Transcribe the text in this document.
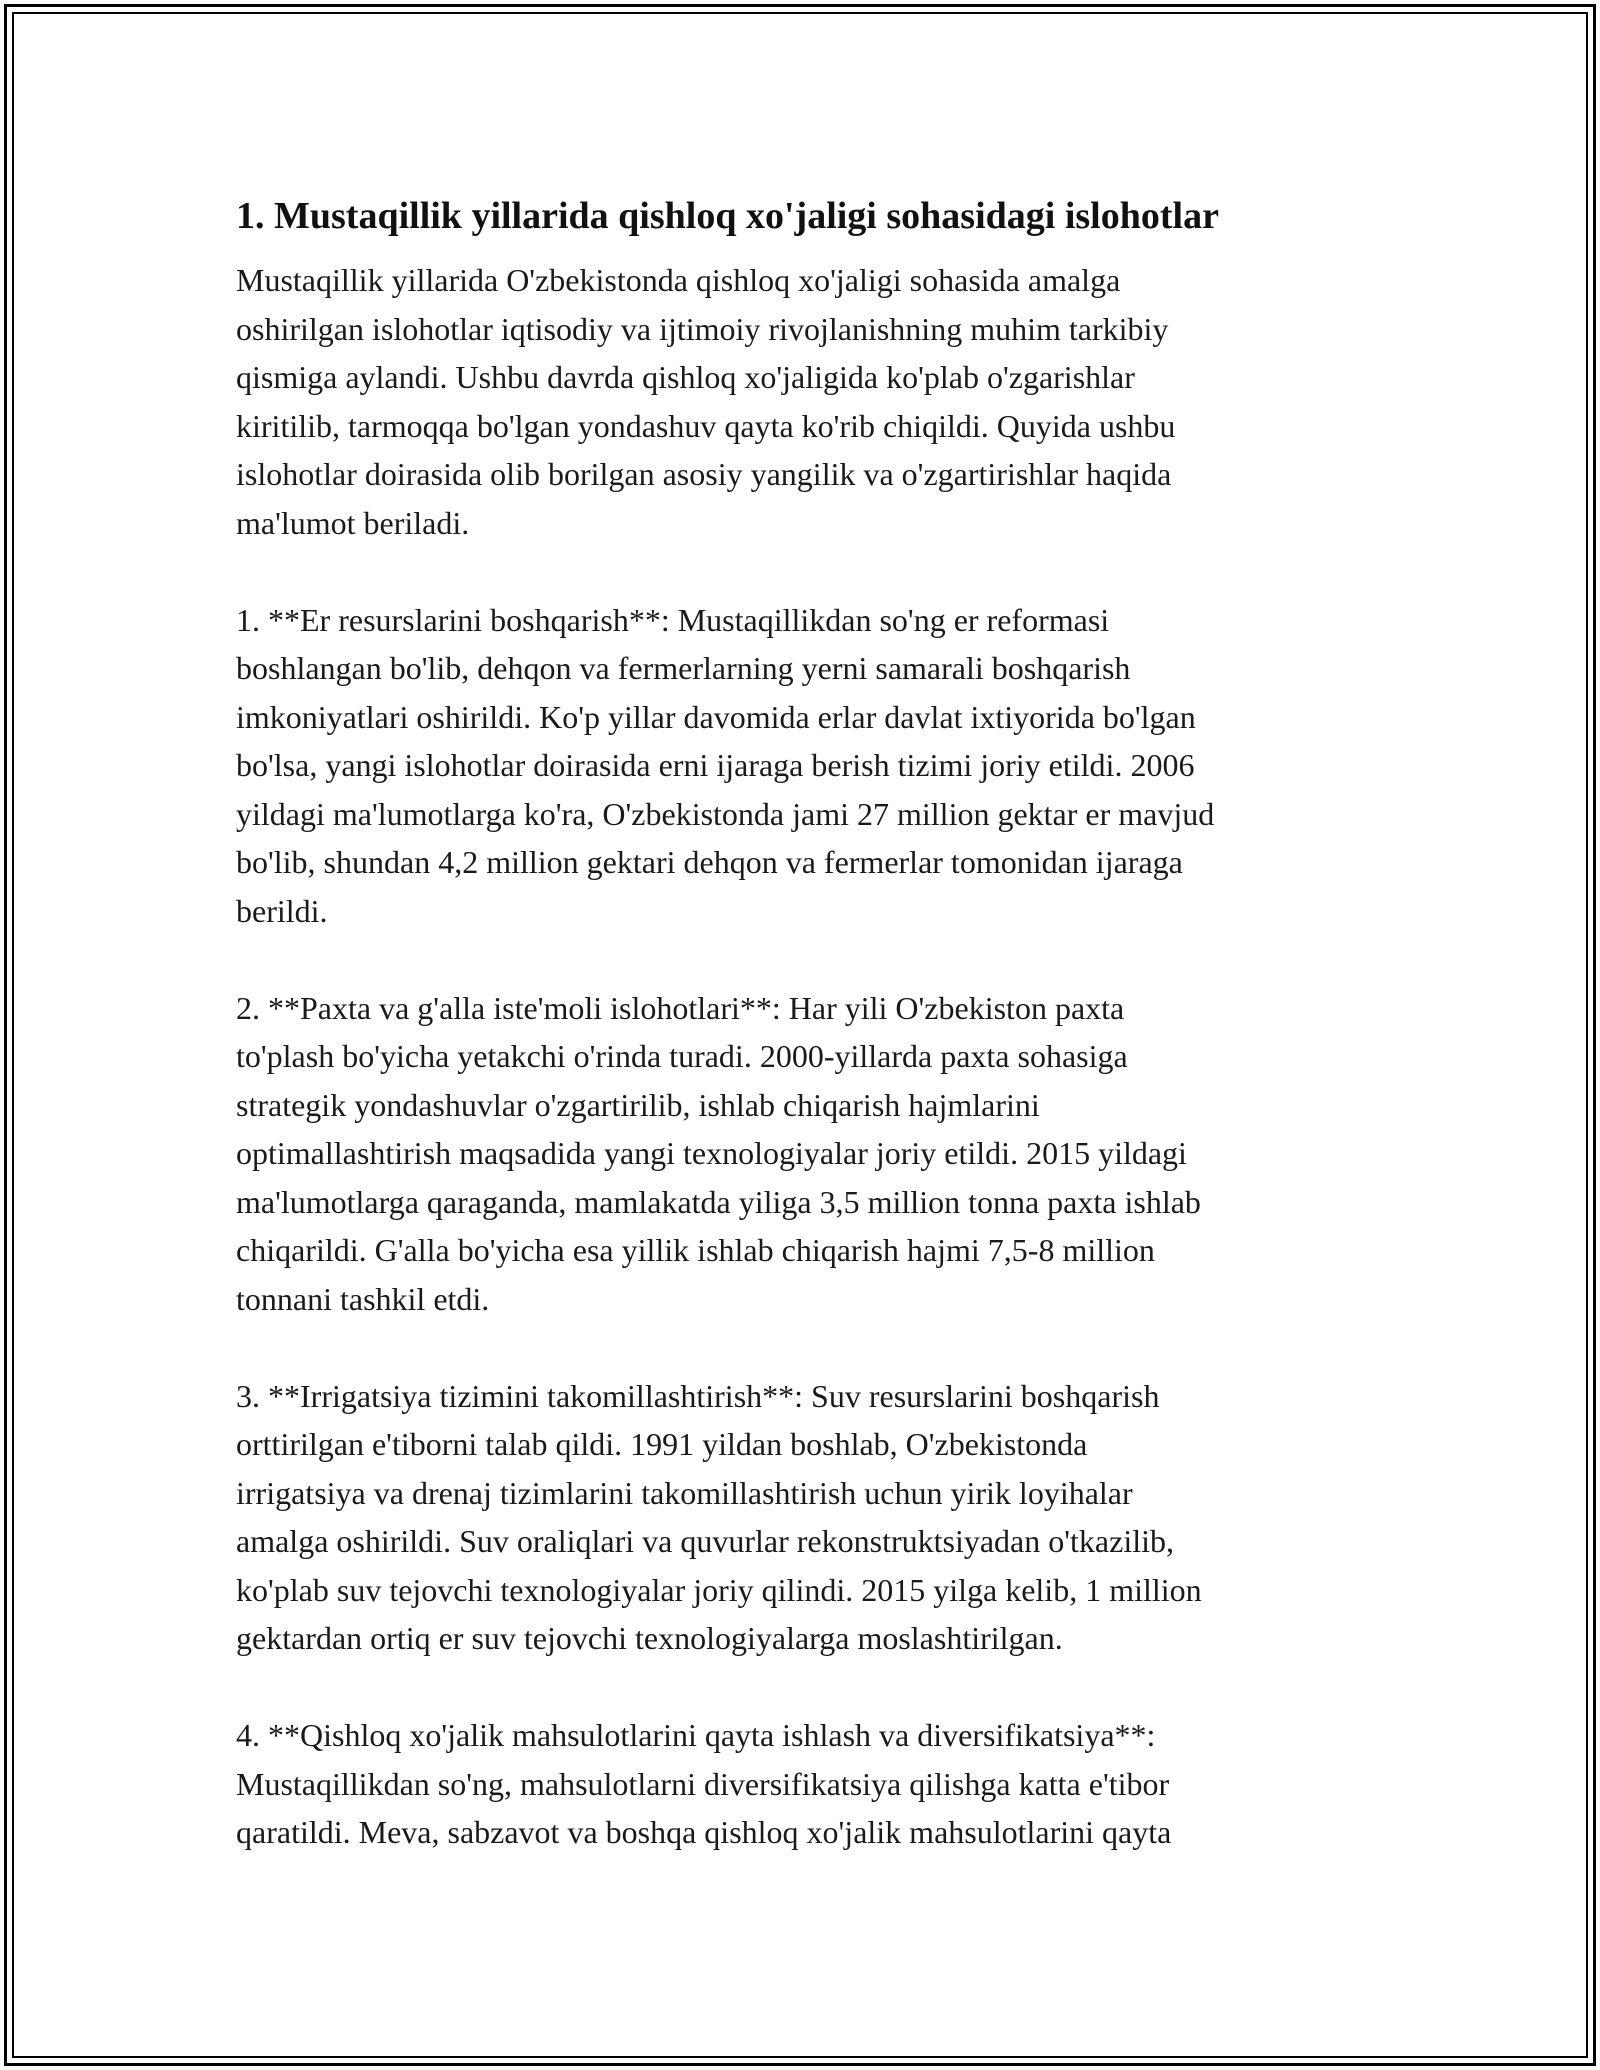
1. Mustaqillik yillarida qishloq xo'jaligi sohasidagi islohotlar

Mustaqillik yillarida O'zbekistonda qishloq xo'jaligi sohasida amalga
oshirilgan islohotlar iqtisodiy va ijtimoiy rivojlanishning muhim tarkibiy
qismiga aylandi. Ushbu davrda qishloq xo'jaligida ko'plab o'zgarishlar
kiritilib, tarmoqqa bo'lgan yondashuv qayta ko'rib chiqildi. Quyida ushbu
islohotlar doirasida olib borilgan asosiy yangilik va o'zgartirishlar haqida
ma'lumot beriladi.

1. **Er resurslarini boshqarish**: Mustaqillikdan so'ng er reformasi
boshlangan bo'lib, dehqon va fermerlarning yerni samarali boshqarish
imkoniyatlari oshirildi. Ko'p yillar davomida erlar davlat ixtiyorida bo'lgan
bo'lsa, yangi islohotlar doirasida erni ijaraga berish tizimi joriy etildi. 2006
yildagi ma'lumotlarga ko'ra, O'zbekistonda jami 27 million gektar er mavjud
bo'lib, shundan 4,2 million gektari dehqon va fermerlar tomonidan ijaraga
berildi.

2. **Paxta va g'alla iste'moli islohotlari**: Har yili O'zbekiston paxta
to'plash bo'yicha yetakchi o'rinda turadi. 2000-yillarda paxta sohasiga
strategik yondashuvlar o'zgartirilib, ishlab chiqarish hajmlarini
optimallashtirish maqsadida yangi texnologiyalar joriy etildi. 2015 yildagi
ma'lumotlarga qaraganda, mamlakatda yiliga 3,5 million tonna paxta ishlab
chiqarildi. G'alla bo'yicha esa yillik ishlab chiqarish hajmi 7,5-8 million
tonnani tashkil etdi.

3. **Irrigatsiya tizimini takomillashtirish**: Suv resurslarini boshqarish
orttirilgan e'tiborni talab qildi. 1991 yildan boshlab, O'zbekistonda
irrigatsiya va drenaj tizimlarini takomillashtirish uchun yirik loyihalar
amalga oshirildi. Suv oraliqlari va quvurlar rekonstruktsiyadan o'tkazilib,
ko'plab suv tejovchi texnologiyalar joriy qilindi. 2015 yilga kelib, 1 million
gektardan ortiq er suv tejovchi texnologiyalarga moslashtirilgan.

4. **Qishloq xo'jalik mahsulotlarini qayta ishlash va diversifikatsiya**:
Mustaqillikdan so'ng, mahsulotlarni diversifikatsiya qilishga katta e'tibor
qaratildi. Meva, sabzavot va boshqa qishloq xo'jalik mahsulotlarini qayta
